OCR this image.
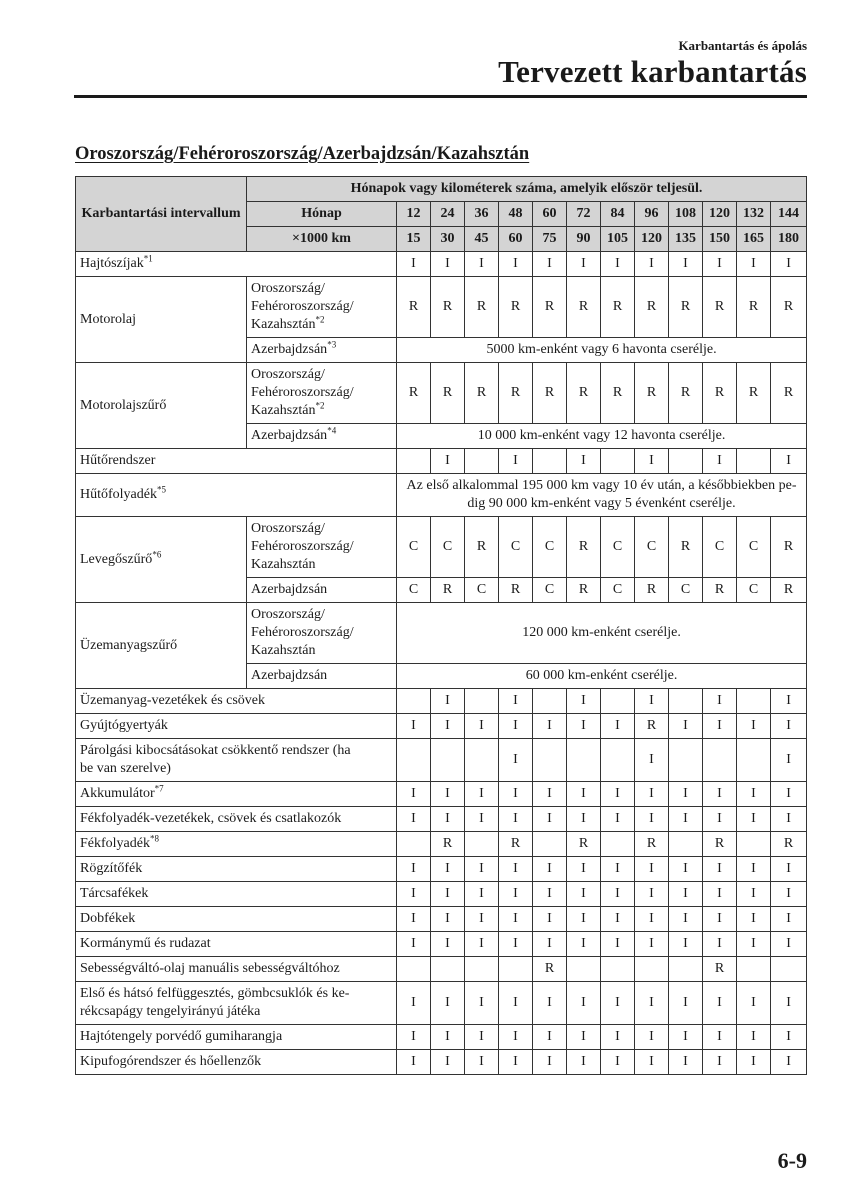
Karbantartás és ápolás
Tervezett karbantartás
Oroszország/Fehéroroszország/Azerbajdzsán/Kazahsztán
Karbantartási intervallum	Hónapok vagy kilométerek száma, amelyik először teljesül.												
	Hónap	12	24	36	48	60	72	84	96	108	120	132	144
	×1000 km	15	30	45	60	75	90	105	120	135	150	165	180
Hajtószíjak$^{*1}$		I	I	I	I	I	I	I	I	I	I	I	I
Motorolaj	Oroszország/
Fehéroroszország/
Kazahsztán$^{*2}$	R	R	R	R	R	R	R	R	R	R	R	R
	Azerbajdzsán$^{*3}$	5000 km-enként vagy 6 havonta cserélje.											
Motorolajszűrő	Oroszország/
Fehéroroszország/
Kazahsztán$^{*2}$	R	R	R	R	R	R	R	R	R	R	R	R
	Azerbajdzsán$^{*4}$	10 000 km-enként vagy 12 havonta cserélje.											
Hűtőrendszer			I		I		I		I		I		I
Hűtőfolyadék$^{*5}$		Az első alkalommal 195 000 km vagy 10 év után, a későbbiekben pe-
dig 90 000 km-enként vagy 5 évenként cserélje.											
Levegőszűrő$^{*6}$	Oroszország/
Fehéroroszország/
Kazahsztán	C	C	R	C	C	R	C	C	R	C	C	R
	Azerbajdzsán	C	R	C	R	C	R	C	R	C	R	C	R
Üzemanyagszűrő	Oroszország/
Fehéroroszország/
Kazahsztán	120 000 km-enként cserélje.											
	Azerbajdzsán	60 000 km-enként cserélje.											
Üzemanyag-vezetékek és csövek			I		I		I		I		I		I
Gyújtógyertyák		I	I	I	I	I	I	I	R	I	I	I	I
Párolgási kibocsátásokat csökkentő rendszer (ha
be van szerelve)					I				I				I
Akkumulátor$^{*7}$		I	I	I	I	I	I	I	I	I	I	I	I
Fékfolyadék-vezetékek, csövek és csatlakozók		I	I	I	I	I	I	I	I	I	I	I	I
Fékfolyadék$^{*8}$			R		R		R		R		R		R
Rögzítőfék		I	I	I	I	I	I	I	I	I	I	I	I
Tárcsafékek		I	I	I	I	I	I	I	I	I	I	I	I
Dobfékek		I	I	I	I	I	I	I	I	I	I	I	I
Kormánymű és rudazat		I	I	I	I	I	I	I	I	I	I	I	I
Sebességváltó-olaj manuális sebességváltóhoz						R					R		
Első és hátsó felfüggesztés, gömbcsuklók és ke-
rékcsapágy tengelyirányú játéka		I	I	I	I	I	I	I	I	I	I	I	I
Hajtótengely porvédő gumiharangja		I	I	I	I	I	I	I	I	I	I	I	I
Kipufogórendszer és hőellenzők		I	I	I	I	I	I	I	I	I	I	I	I
6-9
